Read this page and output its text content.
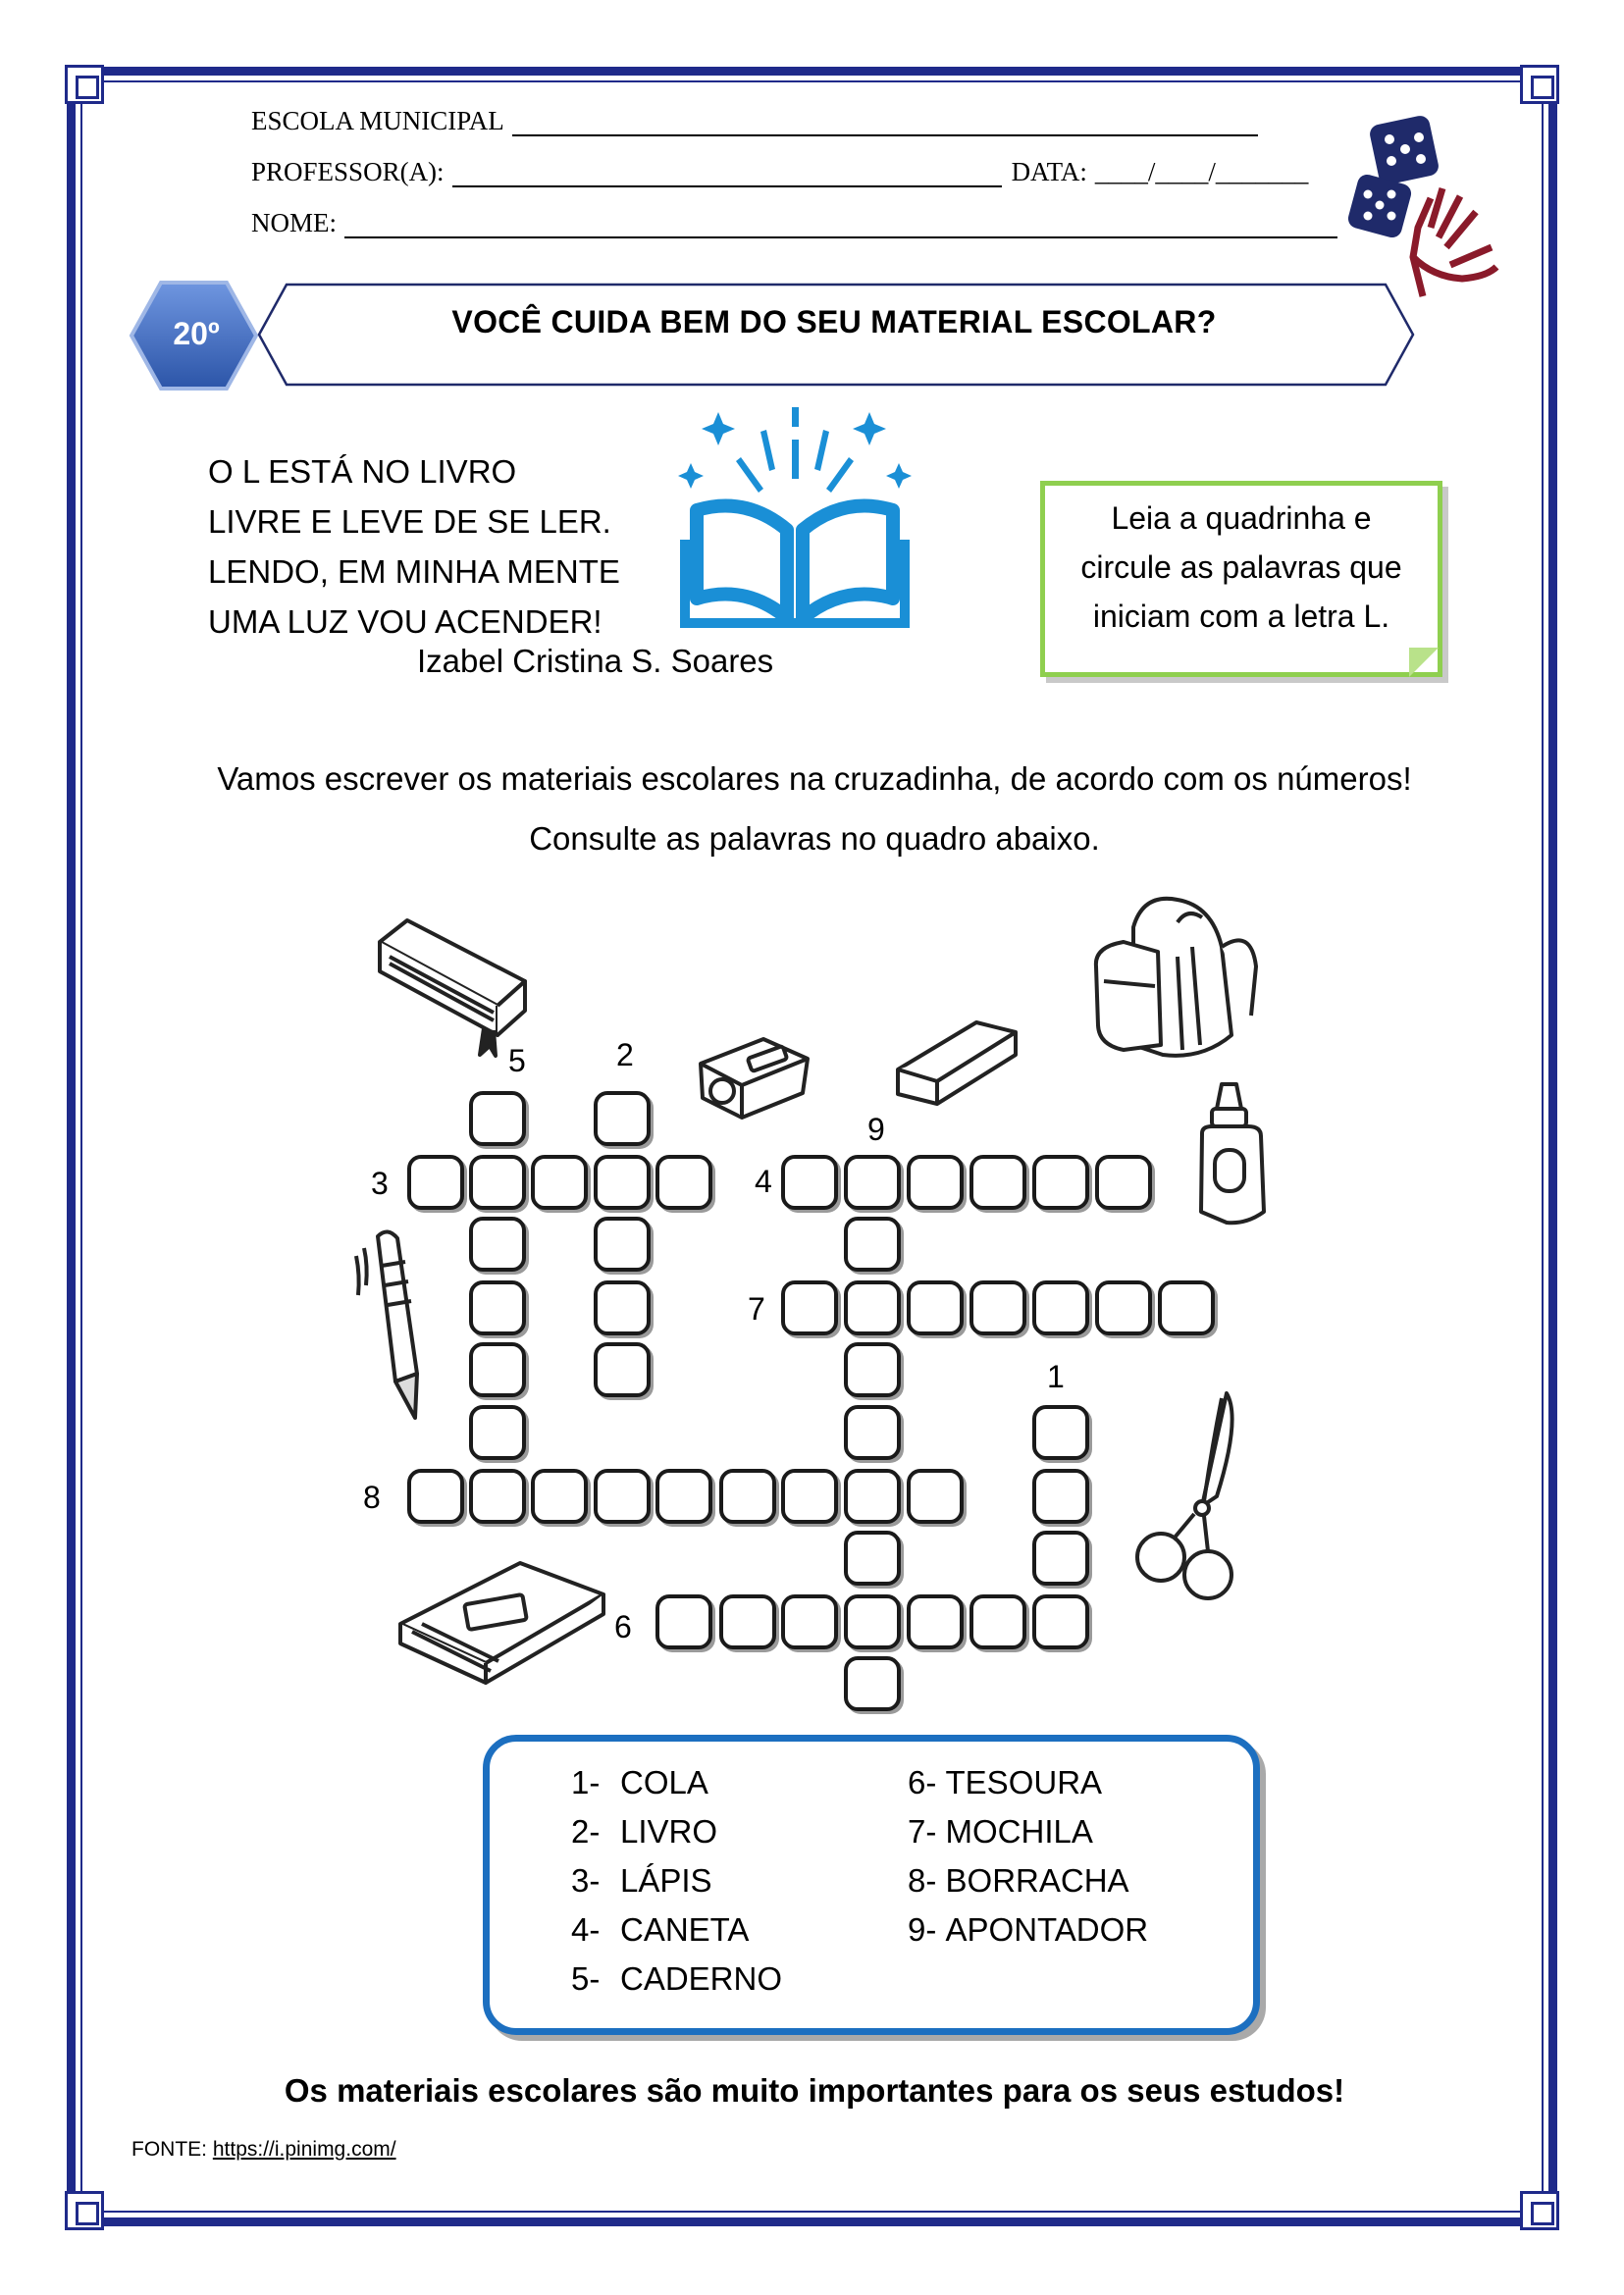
ESCOLA MUNICIPAL
PROFESSOR(A):	DATA: ____/____/_______
NOME:
20º	VOCÊ CUIDA BEM DO SEU MATERIAL ESCOLAR?
O L ESTÁ NO LIVRO
LIVRE E LEVE DE SE LER.
LENDO, EM MINHA MENTE
UMA LUZ VOU ACENDER!
Izabel Cristina S. Soares
Leia a quadrinha e
circule as palavras que
iniciam com a letra L.
Vamos escrever os materiais escolares na cruzadinha, de acordo com os números!
Consulte as palavras no quadro abaixo.
5	2
3	4
9
7
1
8
6
1- COLA
2- LIVRO
3- LÁPIS
4- CANETA
5- CADERNO
6-
TESOURA
7-
MOCHILA
8-
BORRACHA
9-
APONTADOR
Os materiais escolares são muito importantes para os seus estudos!
FONTE: https://i.pinimg.com/
